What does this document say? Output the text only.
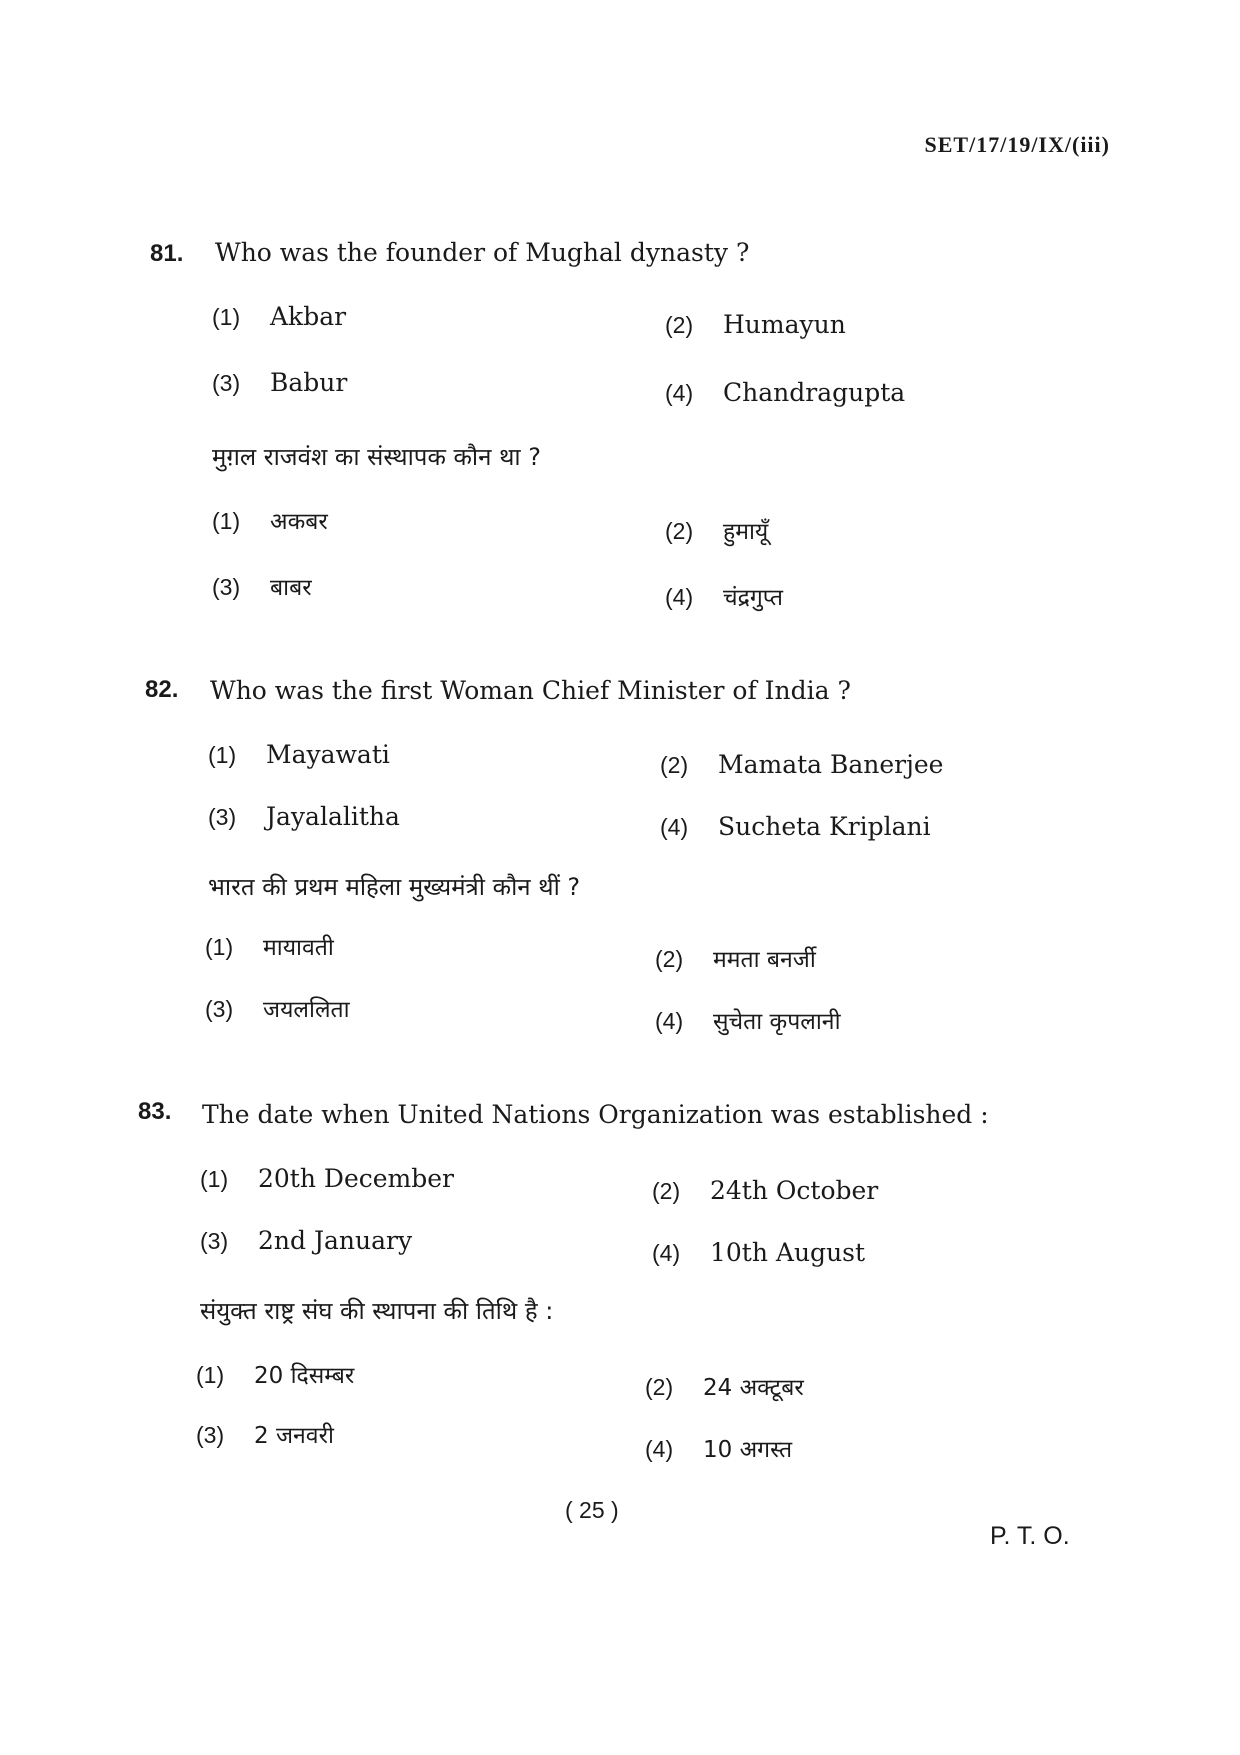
SET/17/19/IX/(iii)
81. Who was the founder of Mughal dynasty ?
(1) Akbar	(2) Humayun
(3) Babur	(4) Chandragupta
मुग़ल राजवंश का संस्थापक कौन था ?
(1) अकबर	(2) हुमायूँ
(3) बाबर	(4) चंद्रगुप्त
82. Who was the first Woman Chief Minister of India ?
(1) Mayawati	(2) Mamata Banerjee
(3) Jayalalitha	(4) Sucheta Kriplani
भारत की प्रथम महिला मुख्यमंत्री कौन थीं ?
(1) मायावती	(2) ममता बनर्जी
(3) जयललिता	(4) सुचेता कृपलानी
83. The date when United Nations Organization was established :
(1) 20th December	(2) 24th October
(3) 2nd January	(4) 10th August
संयुक्त राष्ट्र संघ की स्थापना की तिथि है :
(1) 20 दिसम्बर	(2) 24 अक्टूबर
(3) 2 जनवरी	(4) 10 अगस्त
( 25 )
P. T. O.
